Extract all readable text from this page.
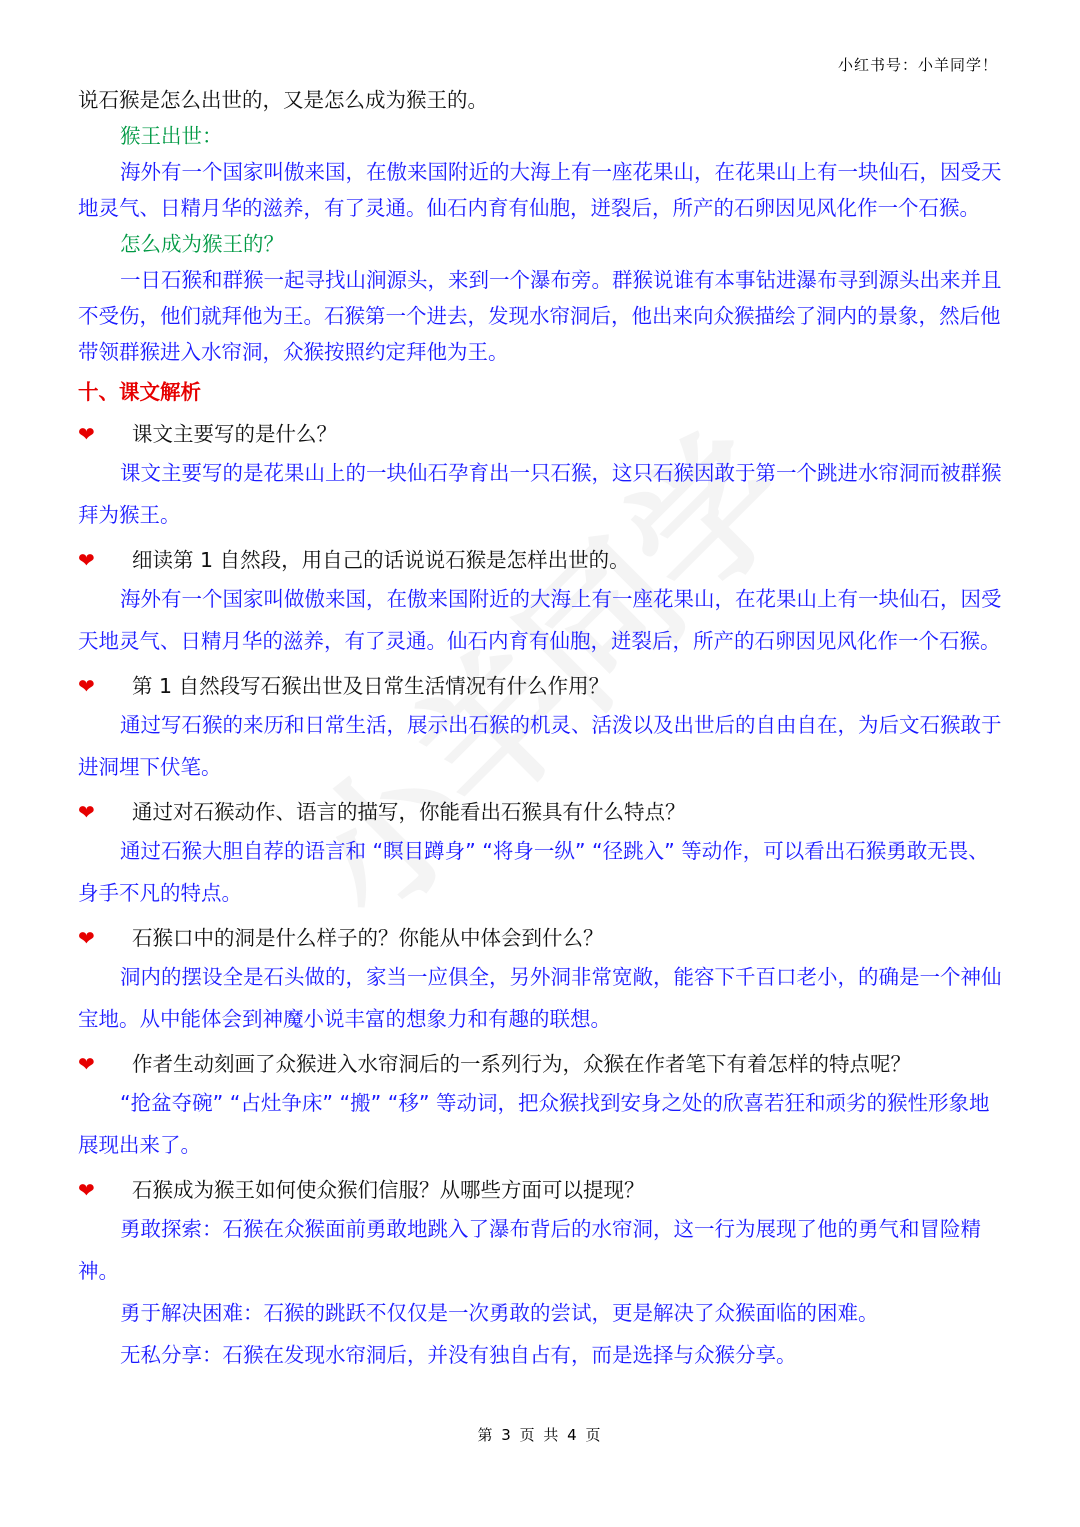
小红书号：小羊同学！

说石猴是怎么出世的，又是怎么成为猴王的。

猴王出世：

海外有一个国家叫傲来国，在傲来国附近的大海上有一座花果山，在花果山上有一块仙石，因受天地灵气、日精月华的滋养，有了灵通。仙石内育有仙胞，迸裂后，所产的石卵因见风化作一个石猴。

怎么成为猴王的？

一日石猴和群猴一起寻找山涧源头，来到一个瀑布旁。群猴说谁有本事钻进瀑布寻到源头出来并且不受伤，他们就拜他为王。石猴第一个进去，发现水帘洞后，他出来向众猴描绘了洞内的景象，然后他带领群猴进入水帘洞，众猴按照约定拜他为王。

十、课文解析
❤	课文主要写的是什么？

课文主要写的是花果山上的一块仙石孕育出一只石猴，这只石猴因敢于第一个跳进水帘洞而被群猴拜为猴王。

❤	细读第 1 自然段，用自己的话说说石猴是怎样出世的。

海外有一个国家叫做傲来国，在傲来国附近的大海上有一座花果山，在花果山上有一块仙石，因受天地灵气、日精月华的滋养，有了灵通。仙石内育有仙胞，迸裂后，所产的石卵因见风化作一个石猴。

❤	第 1 自然段写石猴出世及日常生活情况有什么作用？

通过写石猴的来历和日常生活，展示出石猴的机灵、活泼以及出世后的自由自在，为后文石猴敢于进洞埋下伏笔。

❤	通过对石猴动作、语言的描写，你能看出石猴具有什么特点？

通过石猴大胆自荐的语言和 “瞑目蹲身” “将身一纵” “径跳入” 等动作，可以看出石猴勇敢无畏、身手不凡的特点。

❤	石猴口中的洞是什么样子的？你能从中体会到什么？

洞内的摆设全是石头做的，家当一应俱全，另外洞非常宽敞，能容下千百口老小，的确是一个神仙宝地。从中能体会到神魔小说丰富的想象力和有趣的联想。

❤	作者生动刻画了众猴进入水帘洞后的一系列行为，众猴在作者笔下有着怎样的特点呢？

“抢盆夺碗” “占灶争床” “搬” “移” 等动词，把众猴找到安身之处的欣喜若狂和顽劣的猴性形象地展现出来了。

❤	石猴成为猴王如何使众猴们信服？从哪些方面可以提现？

勇敢探索：石猴在众猴面前勇敢地跳入了瀑布背后的水帘洞，这一行为展现了他的勇气和冒险精神。

勇于解决困难：石猴的跳跃不仅仅是一次勇敢的尝试，更是解决了众猴面临的困难。

无私分享：石猴在发现水帘洞后，并没有独自占有，而是选择与众猴分享。

第 3 页 共 4 页
